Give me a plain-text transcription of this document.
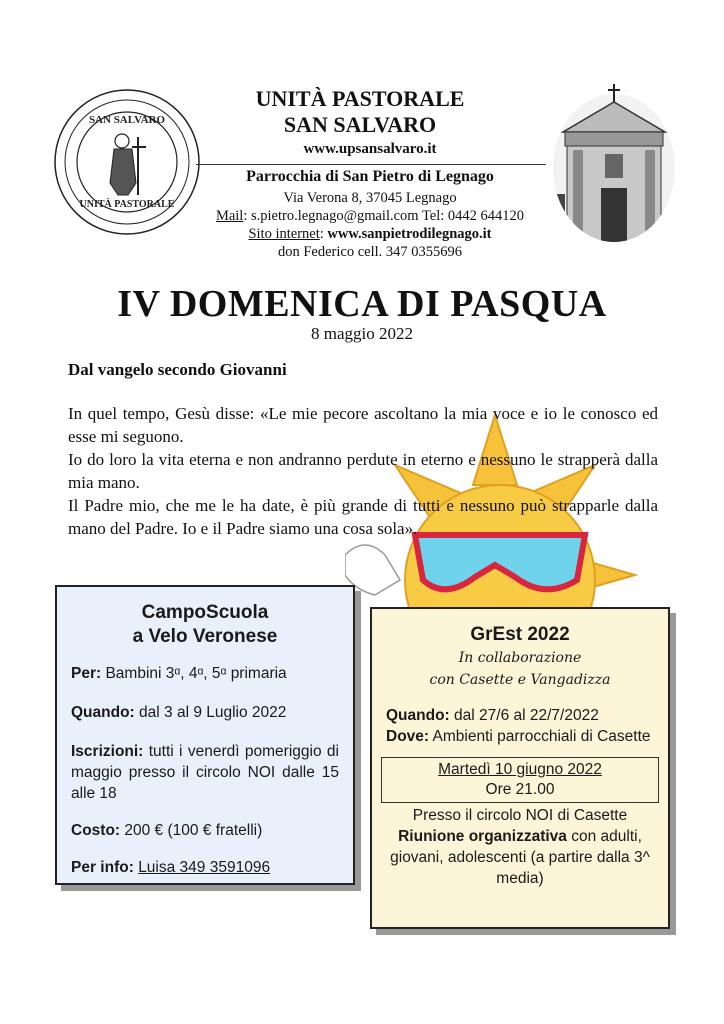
SAN SALVARO
UNITÀ PASTORALE
UNITÀ PASTORALE
SAN SALVARO
www.upsansalvaro.it
Parrocchia di San Pietro di Legnago
Via Verona 8, 37045 Legnago
Mail: s.pietro.legnago@gmail.com Tel: 0442 644120
Sito internet: www.sanpietrodilegnago.it
don Federico cell. 347 0355696
IV DOMENICA DI PASQUA
8 maggio 2022
Dal vangelo secondo Giovanni

In quel tempo, Gesù disse: «Le mie pecore ascoltano la mia voce e io le conosco ed esse mi seguono.

Io do loro la vita eterna e non andranno perdute in eterno e nessuno le strapperà dalla mia mano.

Il Padre mio, che me le ha date, è più grande di tutti e nessuno può strapparle dalla mano del Padre. Io e il Padre siamo una cosa sola».

CampoScuola
a Velo Veronese

Per: Bambini 3ᵅ, 4ᵅ, 5ᵅ primaria

Quando: dal 3 al 9 Luglio 2022

Iscrizioni: tutti i venerdì pomeriggio di maggio presso il circolo NOI dalle 15 alle 18

Costo: 200 € (100 € fratelli)

Per info: Luisa 349 3591096

GrEst 2022
In collaborazione
con Casette e Vangadizza

Quando: dal 27/6 al 22/7/2022

Dove: Ambienti parrocchiali di Casette

Martedì 10 giugno 2022
Ore 21.00
Presso il circolo NOI di Casette
Riunione organizzativa con adulti, giovani, adolescenti (a partire dalla 3^ media)
